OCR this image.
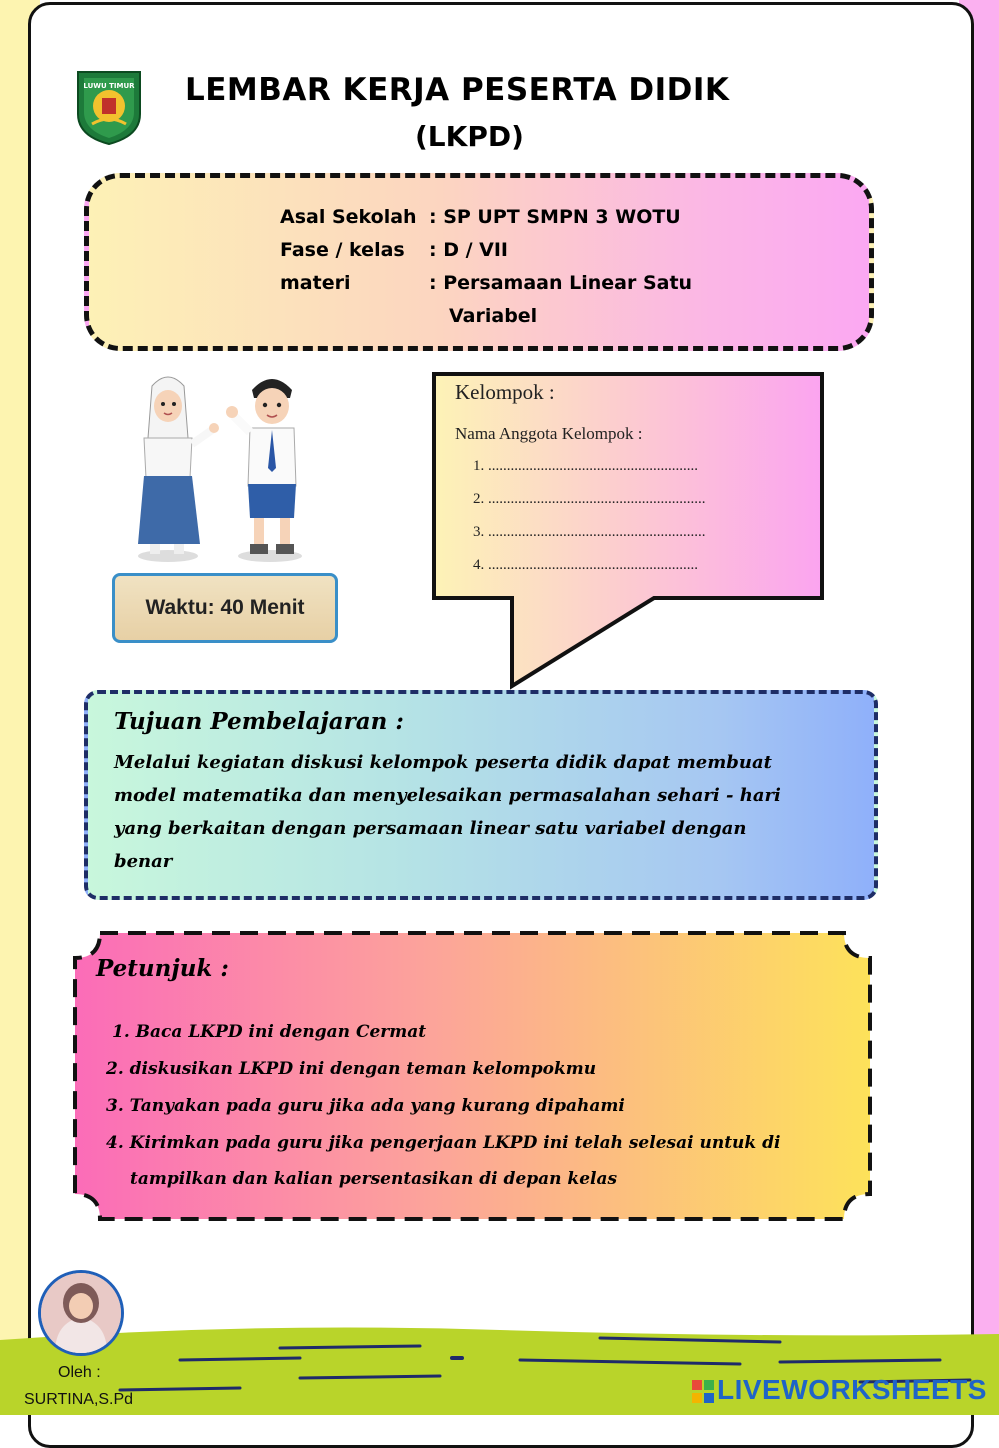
LUWU TIMUR LEMBAR KERJA PESERTA DIDIK
(LKPD)
Asal Sekolah : SP UPT SMPN 3 WOTU
Fase / kelas : D / VII
materi	: Persamaan Linear Satu
Variabel
Waktu: 40 Menit
Kelompok :
Nama Anggota Kelompok :
1. ........................................................
2. ..........................................................
3. ..........................................................
4. ........................................................
Tujuan Pembelajaran :
Melalui kegiatan diskusi kelompok peserta didik dapat membuat
model matematika dan menyelesaikan permasalahan sehari - hari
yang berkaitan dengan persamaan linear satu variabel dengan
benar
Petunjuk :
1. Baca LKPD ini dengan Cermat
2. diskusikan LKPD ini dengan teman kelompokmu
3. Tanyakan pada guru jika ada yang kurang dipahami
4. Kirimkan pada guru jika pengerjaan LKPD ini telah selesai untuk di
tampilkan dan kalian persentasikan di depan kelas
Oleh :
SURTINA,S.Pd	LIVEWORKSHEETS
